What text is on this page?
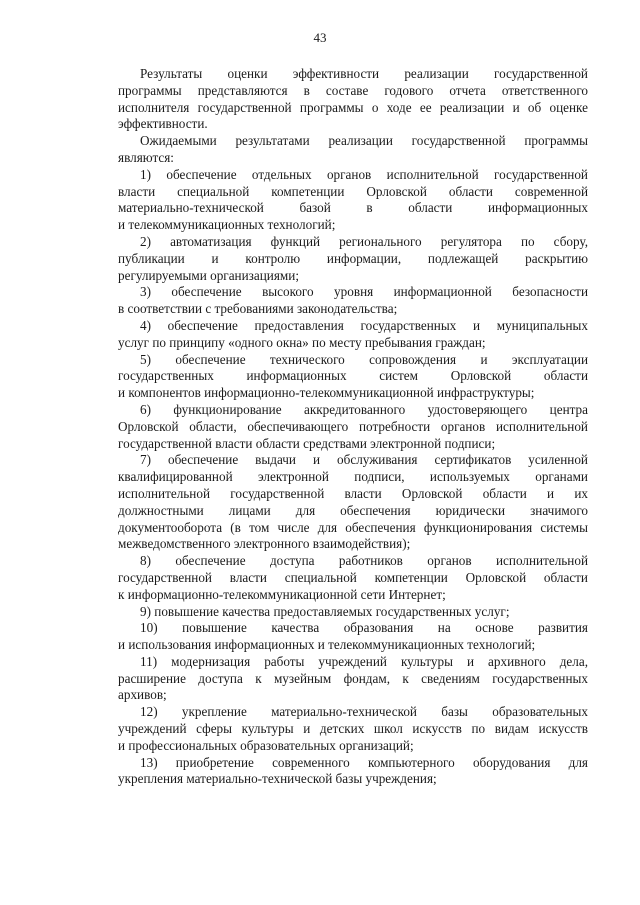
43
Результаты оценки эффективности реализации государственной
программы представляются в составе годового отчета ответственного
исполнителя государственной программы о ходе ее реализации и об оценке
эффективности.
Ожидаемыми результатами реализации государственной программы
являются:
1) обеспечение отдельных органов исполнительной государственной
власти специальной компетенции Орловской области современной
материально-технической базой в области информационных
и телекоммуникационных технологий;
2) автоматизация функций регионального регулятора по сбору,
публикации и контролю информации, подлежащей раскрытию
регулируемыми организациями;
3) обеспечение высокого уровня информационной безопасности
в соответствии с требованиями законодательства;
4) обеспечение предоставления государственных и муниципальных
услуг по принципу «одного окна» по месту пребывания граждан;
5) обеспечение технического сопровождения и эксплуатации
государственных информационных систем Орловской области
и компонентов информационно-телекоммуникационной инфраструктуры;
6) функционирование аккредитованного удостоверяющего центра
Орловской области, обеспечивающего потребности органов исполнительной
государственной власти области средствами электронной подписи;
7) обеспечение выдачи и обслуживания сертификатов усиленной
квалифицированной электронной подписи, используемых органами
исполнительной государственной власти Орловской области и их
должностными лицами для обеспечения юридически значимого
документооборота (в том числе для обеспечения функционирования системы
межведомственного электронного взаимодействия);
8) обеспечение доступа работников органов исполнительной
государственной власти специальной компетенции Орловской области
к информационно-телекоммуникационной сети Интернет;
9) повышение качества предоставляемых государственных услуг;
10) повышение качества образования на основе развития
и использования информационных и телекоммуникационных технологий;
11) модернизация работы учреждений культуры и архивного дела,
расширение доступа к музейным фондам, к сведениям государственных
архивов;
12) укрепление материально-технической базы образовательных
учреждений сферы культуры и детских школ искусств по видам искусств
и профессиональных образовательных организаций;
13) приобретение современного компьютерного оборудования для
укрепления материально-технической базы учреждения;
